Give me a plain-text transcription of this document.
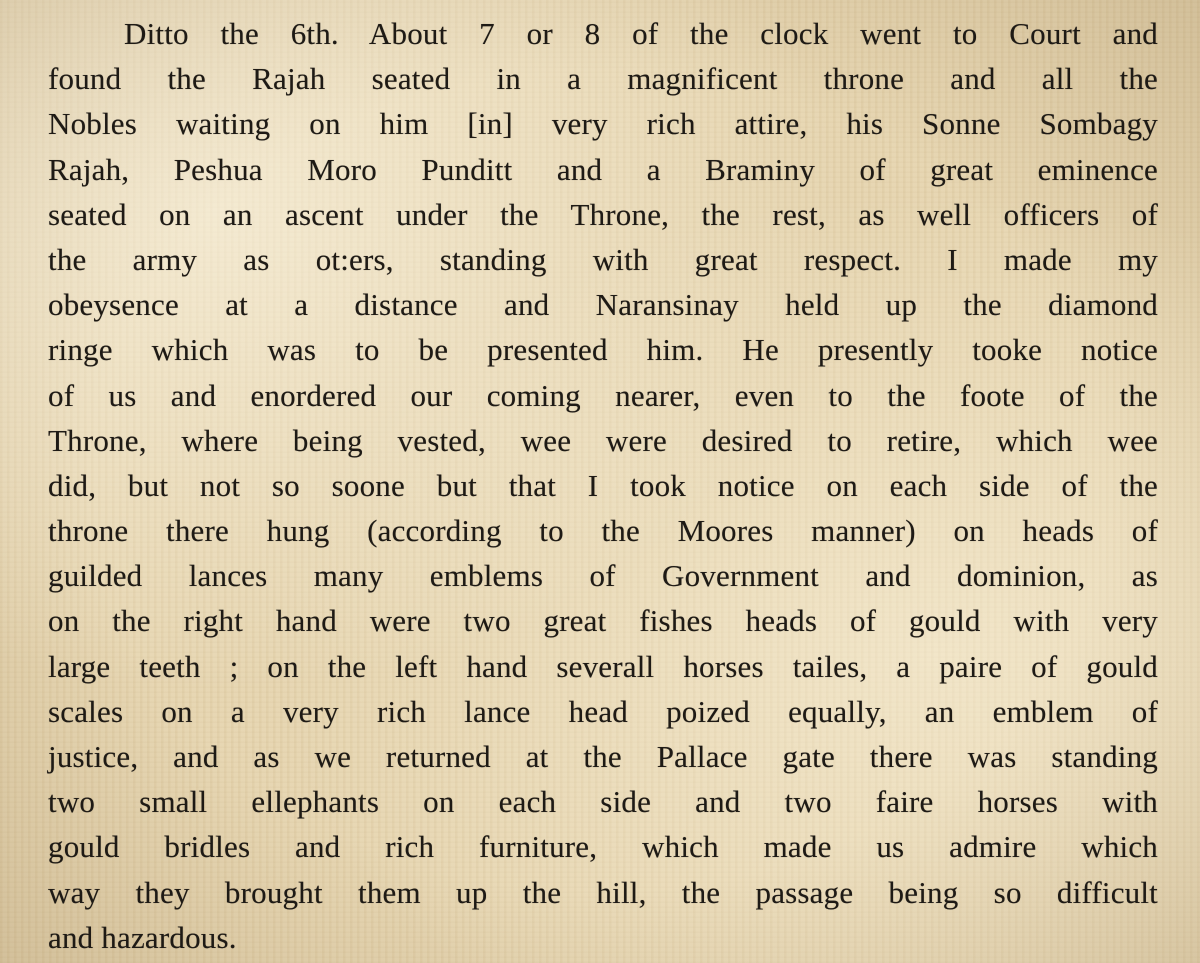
Ditto the 6th. About 7 or 8 of the clock went to Court and
found the Rajah seated in a magnificent throne and all the
Nobles waiting on him [in] very rich attire, his Sonne Sombagy
Rajah, Peshua Moro Punditt and a Braminy of great eminence
seated on an ascent under the Throne, the rest, as well officers of
the army as ot:ers, standing with great respect. I made my
obeysence at a distance and Naransinay held up the diamond
ringe which was to be presented him. He presently tooke notice
of us and enordered our coming nearer, even to the foote of the
Throne, where being vested, wee were desired to retire, which wee
did, but not so soone but that I took notice on each side of the
throne there hung (according to the Moores manner) on heads of
guilded lances many emblems of Government and dominion, as
on the right hand were two great fishes heads of gould with very
large teeth ; on the left hand severall horses tailes, a paire of gould
scales on a very rich lance head poized equally, an emblem of
justice, and as we returned at the Pallace gate there was standing
two small ellephants on each side and two faire horses with
gould bridles and rich furniture, which made us admire which
way they brought them up the hill, the passage being so difficult
and hazardous.
